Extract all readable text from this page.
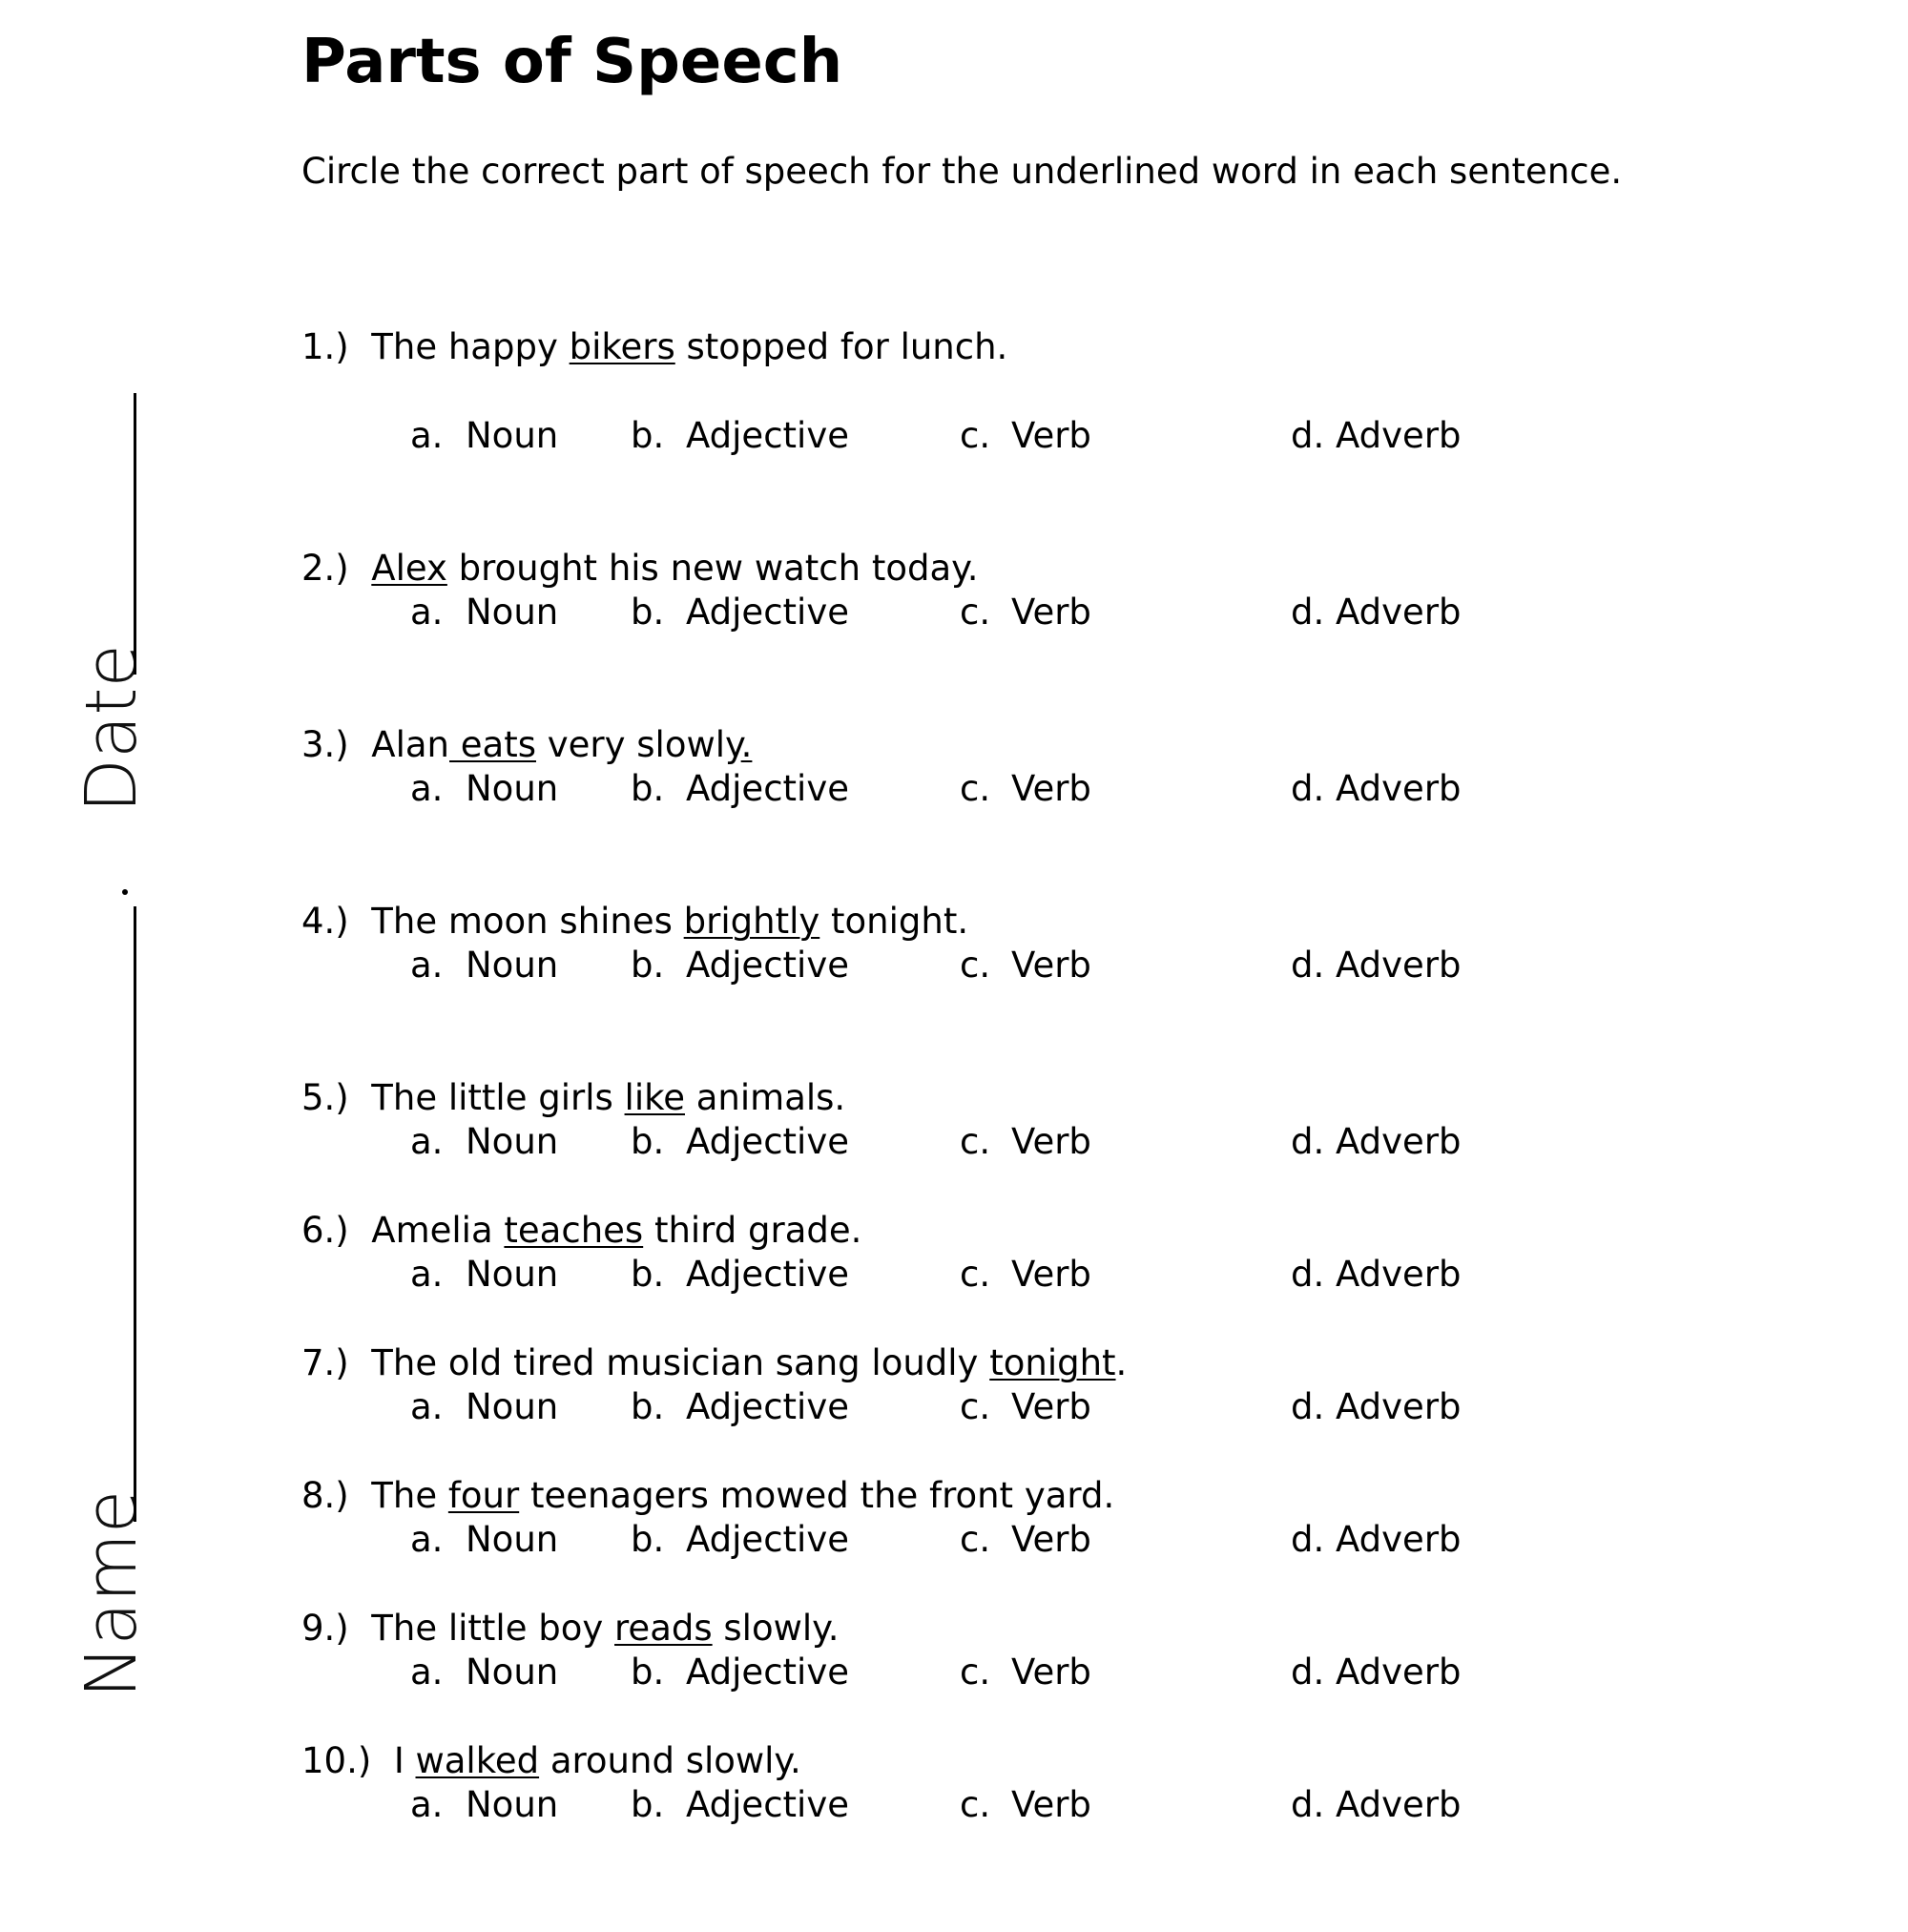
Parts of Speech
Circle the correct part of speech for the underlined word in each sentence.
Date
Name
1.) The happy bikers stopped for lunch.
a. Noun b. Adjective	c. Verb	d. Adverb
2.) Alex brought his new watch today.
a. Noun b. Adjective	c. Verb	d. Adverb
3.) Alan eats very slowly.
a. Noun b. Adjective	c. Verb	d. Adverb
4.) The moon shines brightly tonight.
a. Noun b. Adjective	c. Verb	d. Adverb
5.) The little girls like animals.
a. Noun b. Adjective	c. Verb	d. Adverb
6.) Amelia teaches third grade.
a. Noun b. Adjective	c. Verb	d. Adverb
7.) The old tired musician sang loudly tonight.
a. Noun b. Adjective	c. Verb	d. Adverb
8.) The four teenagers mowed the front yard.
a. Noun b. Adjective	c. Verb	d. Adverb
9.) The little boy reads slowly.
a. Noun b. Adjective	c. Verb	d. Adverb
10.) I walked around slowly.
a. Noun b. Adjective	c. Verb	d. Adverb
